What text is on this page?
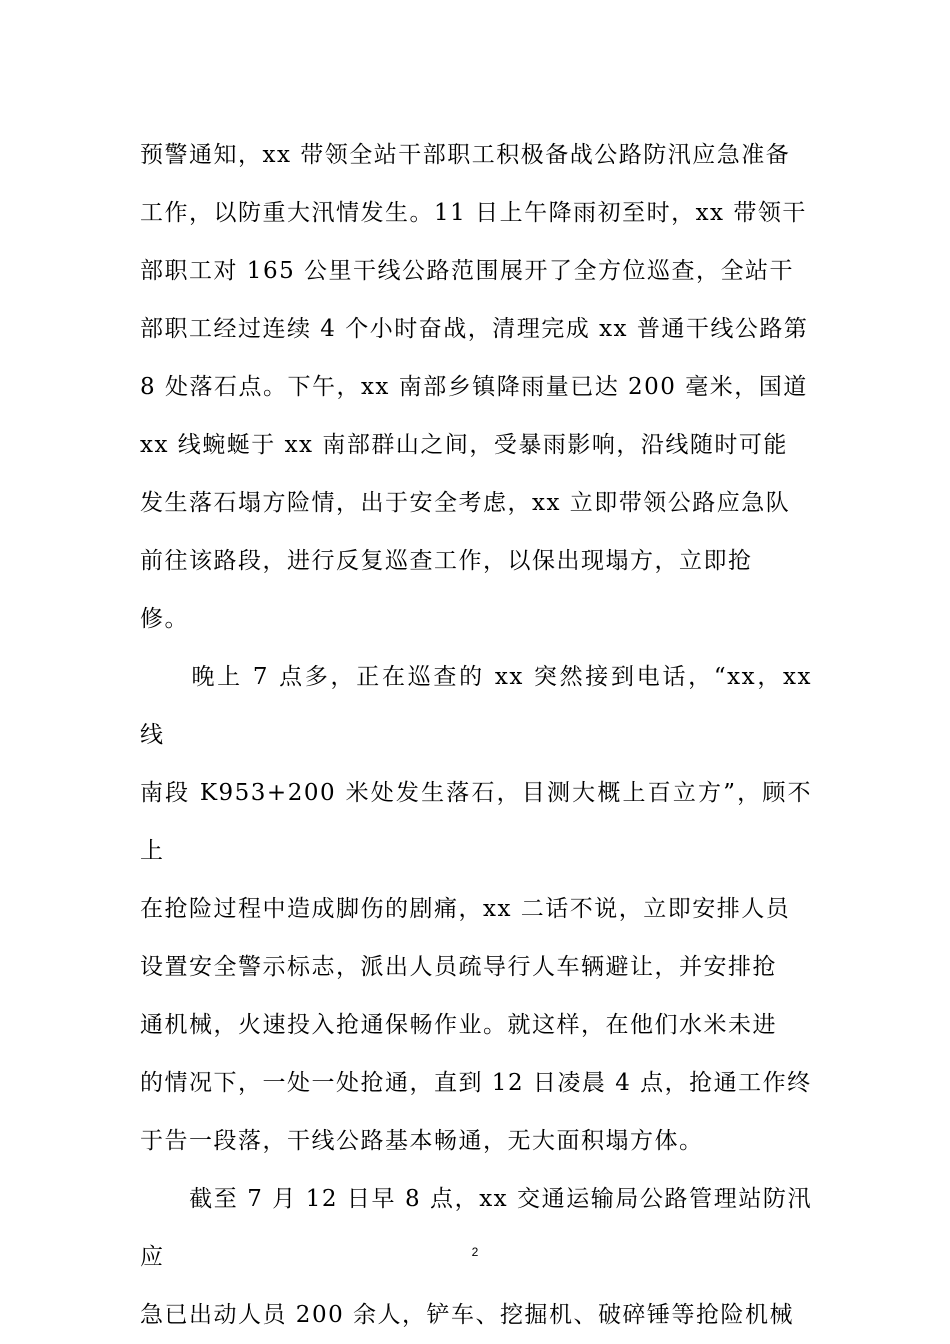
预警通知，xx 带领全站干部职工积极备战公路防汛应急准备

工作，以防重大汛情发生。11 日上午降雨初至时，xx 带领干

部职工对 165 公里干线公路范围展开了全方位巡查，全站干

部职工经过连续 4 个小时奋战，清理完成 xx 普通干线公路第

8 处落石点。下午，xx 南部乡镇降雨量已达 200 毫米，国道

xx 线蜿蜒于 xx 南部群山之间，受暴雨影响，沿线随时可能

发生落石塌方险情，出于安全考虑，xx 立即带领公路应急队

前往该路段，进行反复巡查工作，以保出现塌方，立即抢

修。

　　晚上 7 点多，正在巡查的 xx 突然接到电话，“xx，xx 线

南段 K953+200 米处发生落石，目测大概上百立方”，顾不上

在抢险过程中造成脚伤的剧痛，xx 二话不说，立即安排人员

设置安全警示标志，派出人员疏导行人车辆避让，并安排抢

通机械，火速投入抢通保畅作业。就这样，在他们水米未进

的情况下，一处一处抢通，直到 12 日凌晨 4 点，抢通工作终

于告一段落，干线公路基本畅通，无大面积塌方体。

　　截至 7 月 12 日早 8 点，xx 交通运输局公路管理站防汛应

急已出动人员 200 余人，铲车、挖掘机、破碎锤等抢险机械

2
